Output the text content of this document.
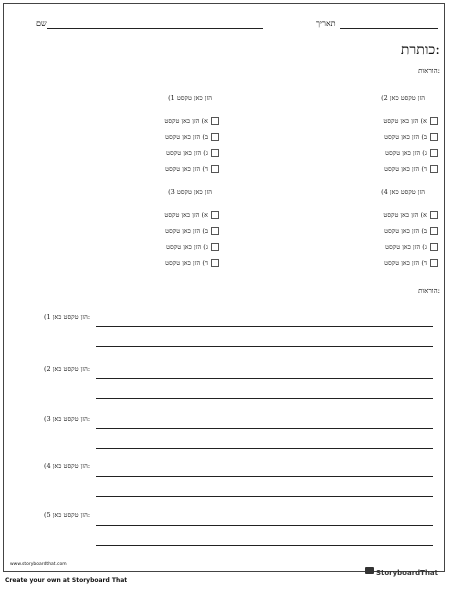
שם	תאריך
כותרת:
הוראות:
(2 הזן טקסט כאן
א) הזן כאן טקסט
ב) הזן כאן טקסט
ג) הזן כאן טקסט
ד) הזן כאן טקסט
(1 הזן כאן טקסט
א) הזן כאן טקסט
ב) הזן כאן טקסט
ג) הזן כאן טקסט
ד) הזן כאן טקסט
(4 הזן טקסט כאן
א) הזן כאן טקסט
ב) הזן כאן טקסט
ג) הזן כאן טקסט
ד) הזן כאן טקסט
(3 הזן כאן טקסט
א) הזן כאן טקסט
ב) הזן כאן טקסט
ג) הזן כאן טקסט
ד) הזן כאן טקסט
הוראות:
(1 הזן טקסט כאן:
(2 הזן טקסט כאן:
(3 הזן טקסט כאן:
(4 הזן טקסט כאן:
(5 הזן טקסט כאן:
www.storyboardthat.com
StoryboardThat
Create your own at Storyboard That
